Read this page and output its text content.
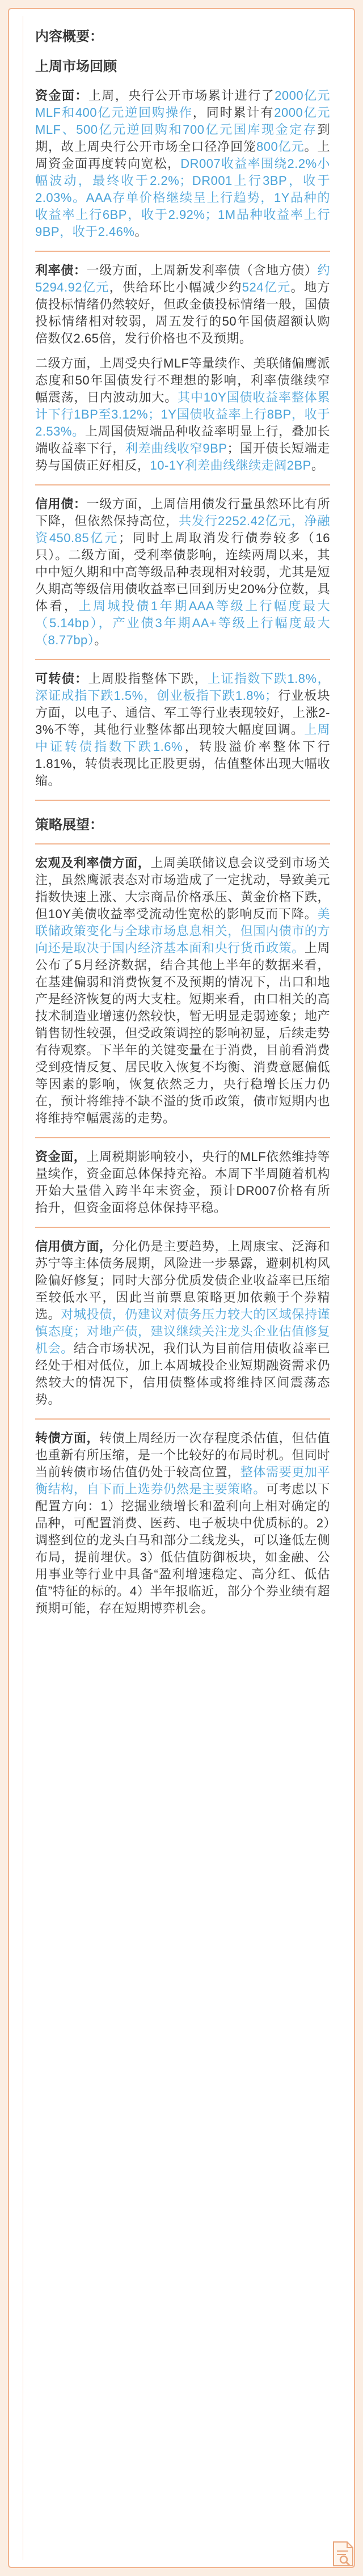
内容概要：
上周市场回顾

资金面：上周，央行公开市场累计进行了2000亿元MLF和400亿元逆回购操作，同时累计有2000亿元MLF、500亿元逆回购和700亿元国库现金定存到期，故上周央行公开市场全口径净回笼800亿元。上周资金面再度转向宽松，DR007收益率围绕2.2%小幅波动，最终收于2.2%；DR001上行3BP，收于2.03%。AAA存单价格继续呈上行趋势，1Y品种的收益率上行6BP，收于2.92%；1M品种收益率上行9BP，收于2.46%。

利率债：一级方面，上周新发利率债（含地方债）约5294.92亿元，供给环比小幅减少约524亿元。地方债投标情绪仍然较好，但政金债投标情绪一般，国债投标情绪相对较弱，周五发行的50年国债超额认购倍数仅2.65倍，发行价格也不及预期。

二级方面，上周受央行MLF等量续作、美联储偏鹰派态度和50年国债发行不理想的影响，利率债继续窄幅震荡，日内波动加大。其中10Y国债收益率整体累计下行1BP至3.12%；1Y国债收益率上行8BP，收于2.53%。上周国债短端品种收益率明显上行，叠加长端收益率下行，利差曲线收窄9BP；国开债长短端走势与国债正好相反，10-1Y利差曲线继续走阔2BP。

信用债：一级方面，上周信用债发行量虽然环比有所下降，但依然保持高位，共发行2252.42亿元，净融资450.85亿元；同时上周取消发行债券较多（16只）。二级方面，受利率债影响，连续两周以来，其中中短久期和中高等级品种表现相对较弱，尤其是短久期高等级信用债收益率已回到历史20%分位数，具体看，上周城投债1年期AAA等级上行幅度最大（5.14bp），产业债3年期AA+等级上行幅度最大（8.77bp）。

可转债：上周股指整体下跌，上证指数下跌1.8%，深证成指下跌1.5%，创业板指下跌1.8%；行业板块方面，以电子、通信、军工等行业表现较好，上涨2-3%不等，其他行业整体都出现较大幅度回调。上周中证转债指数下跌1.6%，转股溢价率整体下行1.81%，转债表现比正股更弱，估值整体出现大幅收缩。

策略展望：

宏观及利率债方面，上周美联储议息会议受到市场关注，虽然鹰派表态对市场造成了一定扰动，导致美元指数快速上涨、大宗商品价格承压、黄金价格下跌，但10Y美债收益率受流动性宽松的影响反而下降。美联储政策变化与全球市场息息相关，但国内债市的方向还是取决于国内经济基本面和央行货币政策。上周公布了5月经济数据，结合其他上半年的数据来看，在基建偏弱和消费恢复不及预期的情况下，出口和地产是经济恢复的两大支柱。短期来看，由口相关的高技术制造业增速仍然较快，暂无明显走弱迹象；地产销售韧性较强，但受政策调控的影响初显，后续走势有待观察。下半年的关键变量在于消费，目前看消费受到疫情反复、居民收入恢复不均衡、消费意愿偏低等因素的影响，恢复依然乏力，央行稳增长压力仍在，预计将维持不缺不溢的货币政策，债市短期内也将维持窄幅震荡的走势。

资金面，上周税期影响较小，央行的MLF依然维持等量续作，资金面总体保持充裕。本周下半周随着机构开始大量借入跨半年末资金，预计DR007价格有所抬升，但资金面将总体保持平稳。

信用债方面，分化仍是主要趋势，上周康宝、泛海和苏宁等主体债务展期，风险进一步暴露，避刺机构风险偏好修复；同时大部分优质发债企业收益率已压缩至较低水平，因此当前票息策略更加依赖于个券精选。对城投债，仍建议对债务压力较大的区域保持谨慎态度；对地产债，建议继续关注龙头企业估值修复机会。结合市场状况，我们认为目前信用债收益率已经处于相对低位，加上本周城投企业短期融资需求仍然较大的情况下，信用债整体或将维持区间震荡态势。

转债方面，转债上周经历一次存程度杀估值，但估值也重新有所压缩，是一个比较好的布局时机。但同时当前转债市场估值仍处于较高位置，整体需要更加平衡结构，自下而上选券仍然是主要策略。可考虑以下配置方向：1）挖掘业绩增长和盈利向上相对确定的品种，可配置消费、医药、电子板块中优质标的。2）调整到位的龙头白马和部分二线龙头，可以逢低左侧布局，提前埋伏。3）低估值防御板块，如金融、公用事业等行业中具备“盈利增速稳定、高分红、低估值”特征的标的。4）半年报临近，部分个券业绩有超预期可能，存在短期博弈机会。
